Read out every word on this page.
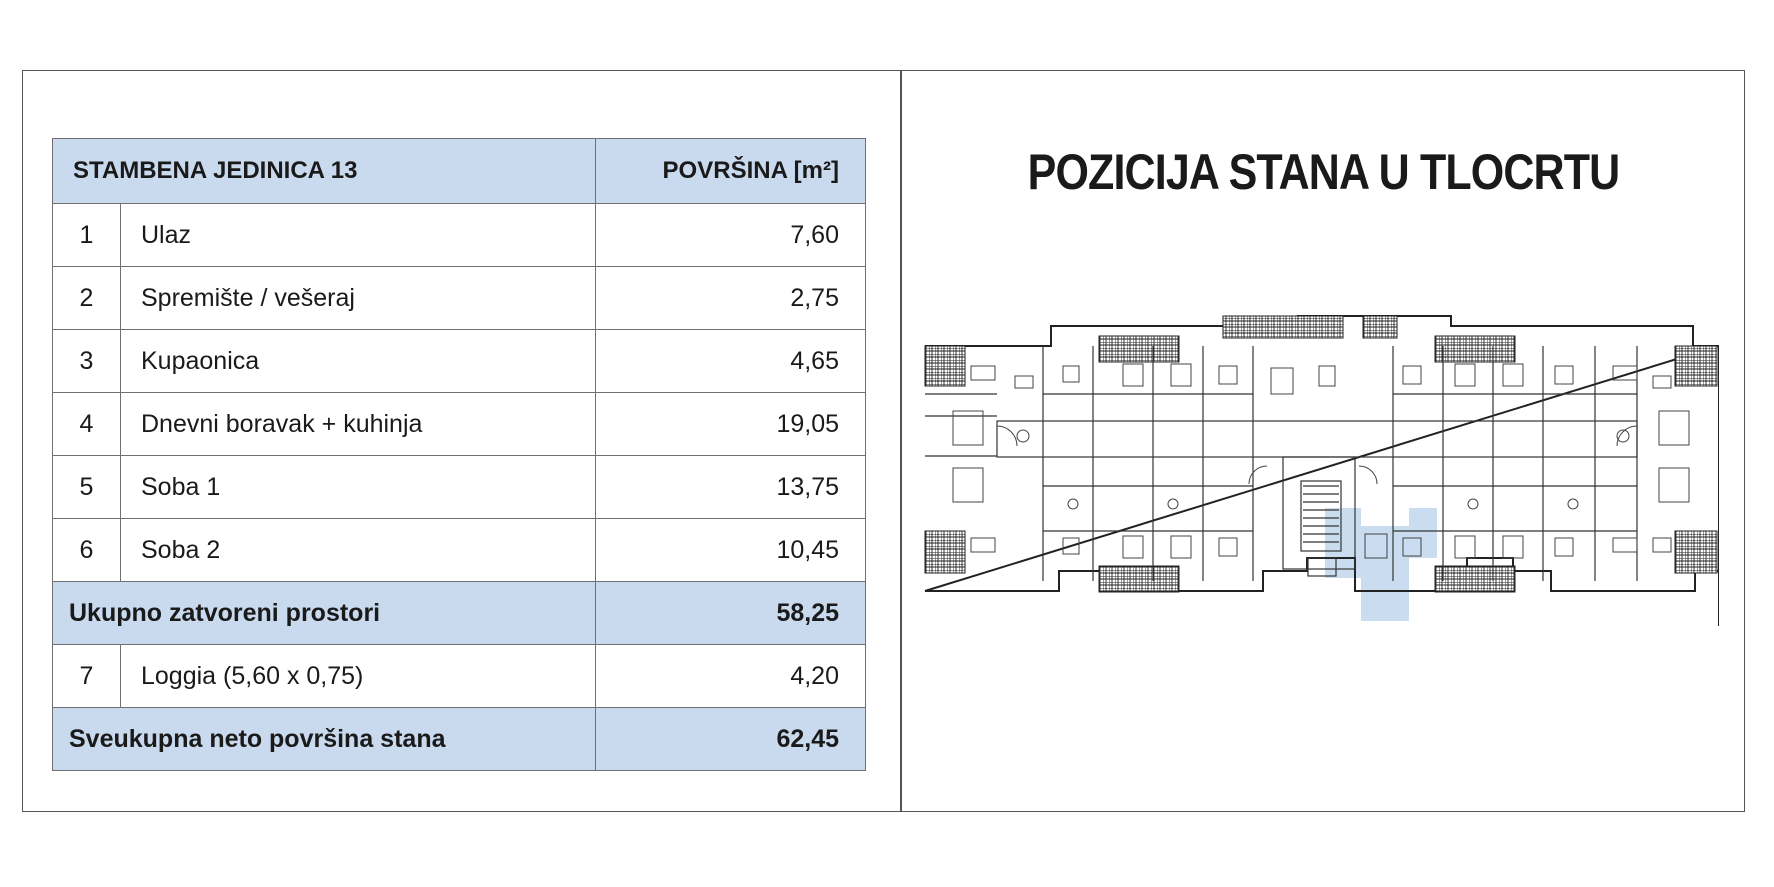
STAMBENA JEDINICA 13		POVRŠINA [m²]
1	Ulaz	7,60
2	Spremište / vešeraj	2,75
3	Kupaonica	4,65
4	Dnevni boravak + kuhinja	19,05
5	Soba 1	13,75
6	Soba 2	10,45
Ukupno zatvoreni prostori		58,25
7	Loggia (5,60 x 0,75)	4,20
Sveukupna neto površina stana		62,45
POZICIJA STANA U TLOCRTU
